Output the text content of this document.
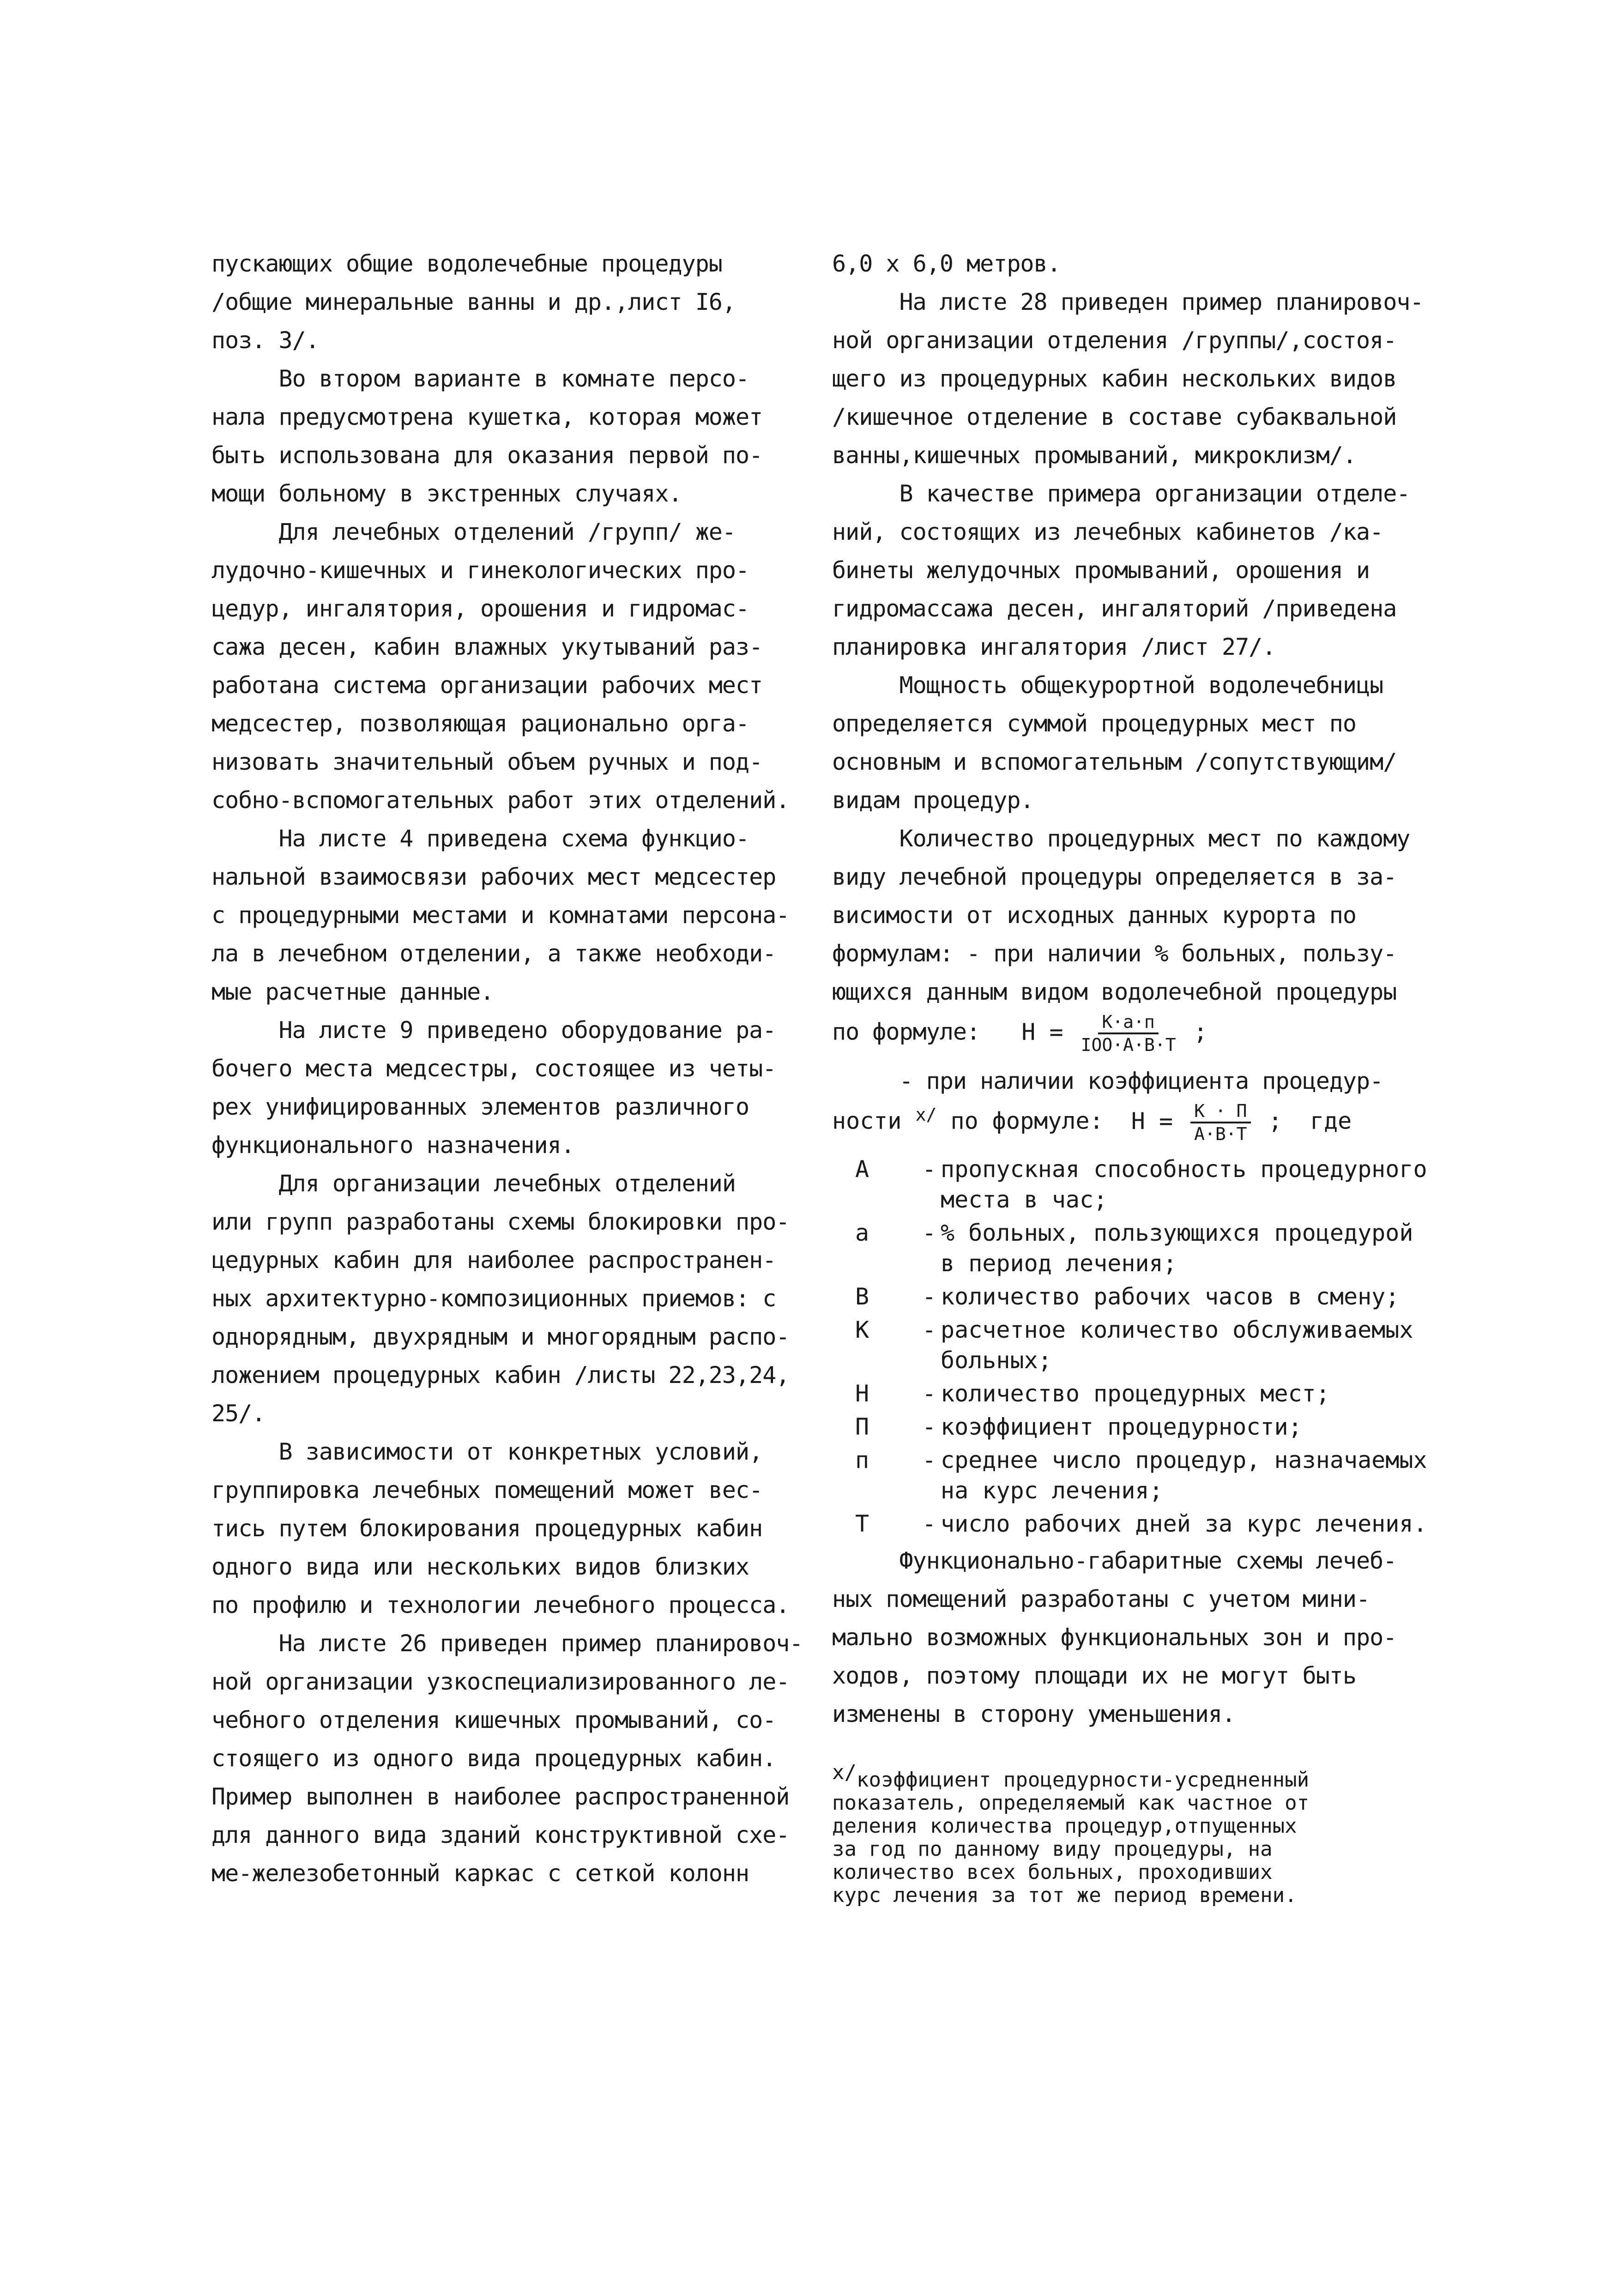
пускающих общие водолечебные процедуры
/общие минеральные ванны и др.,лист I6,
поз. 3/.
Во втором варианте в комнате персо-
нала предусмотрена кушетка, которая может
быть использована для оказания первой по-
мощи больному в экстренных случаях.
Для лечебных отделений /групп/ же-
лудочно-кишечных и гинекологических про-
цедур, ингалятория, орошения и гидромас-
сажа десен, кабин влажных укутываний раз-
работана система организации рабочих мест
медсестер, позволяющая рационально орга-
низовать значительный объем ручных и под-
собно-вспомогательных работ этих отделений.
На листе 4 приведена схема функцио-
нальной взаимосвязи рабочих мест медсестер
с процедурными местами и комнатами персона-
ла в лечебном отделении, а также необходи-
мые расчетные данные.
На листе 9 приведено оборудование ра-
бочего места медсестры, состоящее из четы-
рех унифицированных элементов различного
функционального назначения.
Для организации лечебных отделений
или групп разработаны схемы блокировки про-
цедурных кабин для наиболее распространен-
ных архитектурно-композиционных приемов: с
однорядным, двухрядным и многорядным распо-
ложением процедурных кабин /листы 22,23,24,
25/.
В зависимости от конкретных условий,
группировка лечебных помещений может вес-
тись путем блокирования процедурных кабин
одного вида или нескольких видов близких
по профилю и технологии лечебного процесса.
На листе 26 приведен пример планировоч-
ной организации узкоспециализированного ле-
чебного отделения кишечных промываний, со-
стоящего из одного вида процедурных кабин.
Пример выполнен в наиболее распространенной
для данного вида зданий конструктивной схе-
ме-железобетонный каркас с сеткой колонн
6,0 х 6,0 метров.
На листе 28 приведен пример планировоч-
ной организации отделения /группы/,состоя-
щего из процедурных кабин нескольких видов
/кишечное отделение в составе субаквальной
ванны,кишечных промываний, микроклизм/.
В качестве примера организации отделе-
ний, состоящих из лечебных кабинетов /ка-
бинеты желудочных промываний, орошения и
гидромассажа десен, ингаляторий /приведена
планировка ингалятория /лист 27/.
Мощность общекурортной водолечебницы
определяется суммой процедурных мест по
основным и вспомогательным /сопутствующим/
видам процедур.
Количество процедурных мест по каждому
виду лечебной процедуры определяется в за-
висимости от исходных данных курорта по
формулам: - при наличии % больных, пользу-
ющихся данным видом водолечебной процедуры
по формуле: $Н = \frac{К\cdot а\cdot п}{\text{IOO·А·В·Т}}$ ;
- при наличии коэффициента процедур-
ности $^{х/}$ по формуле: $Н = \frac{К \cdot П}{А\cdot В\cdot Т}$ ;  где
А	-
пропускная способность процедурного места в час;
а	-
% больных, пользующихся процедурой в период лечения;
В	-
количество рабочих часов в смену;
К	-
расчетное количество обслуживаемых больных;
Н	-
количество процедурных мест;
П	-
коэффициент процедурности;
п	-
среднее число процедур, назначаемых на курс лечения;
Т	-
число рабочих дней за курс лечения.
Функционально-габаритные схемы лечеб-
ных помещений разработаны с учетом мини-
мально возможных функциональных зон и про-
ходов, поэтому площади их не могут быть
изменены в сторону уменьшения.
х/коэффициент процедурности-усредненный
показатель, определяемый как частное от
деления количества процедур,отпущенных
за год по данному виду процедуры, на
количество всех больных, проходивших
курс лечения за тот же период времени.
